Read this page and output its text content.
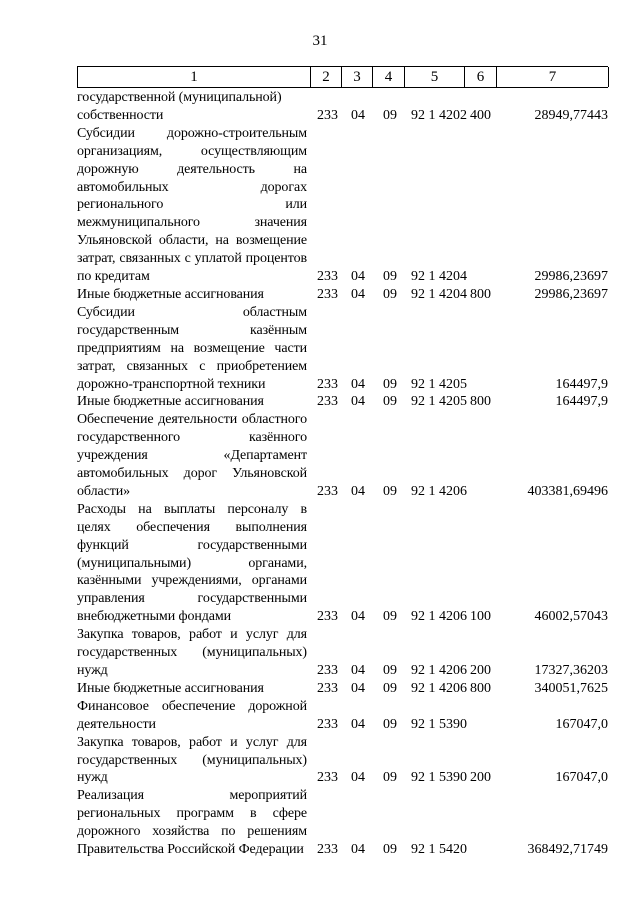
31
1	2	3	4	5	6	7
государственной (муниципальной)
собственности	233 04 09	92 1 4202 400	28949,77443
Субсидии дорожно-строительным организациям, осуществляющим дорожную деятельность на автомобильных дорогах регионального или межмуниципального значения Ульяновской области, на возмещение затрат, связанных с уплатой процентов по кредитам	233 04 09	92 1 4204	29986,23697
Иные бюджетные ассигнования	233 04 09	92 1 4204 800	29986,23697
Субсидии областным государственным казённым предприятиям на возмещение части затрат, связанных с приобретением дорожно-транспортной техники	233 04 09	92 1 4205	164497,9
Иные бюджетные ассигнования	233 04 09	92 1 4205 800	164497,9
Обеспечение деятельности областного государственного казённого учреждения «Департамент автомобильных дорог Ульяновской области»	233 04 09	92 1 4206	403381,69496
Расходы на выплаты персоналу в целях обеспечения выполнения функций государственными (муниципальными) органами, казёнными учреждениями, органами управления государственными внебюджетными фондами	233 04 09	92 1 4206 100	46002,57043
Закупка товаров, работ и услуг для государственных (муниципальных) нужд	233 04 09	92 1 4206 200	17327,36203
Иные бюджетные ассигнования	233 04 09	92 1 4206 800	340051,7625
Финансовое обеспечение дорожной деятельности	233 04 09	92 1 5390	167047,0
Закупка товаров, работ и услуг для государственных (муниципальных) нужд	233 04 09	92 1 5390 200	167047,0
Реализация мероприятий региональных программ в сфере дорожного хозяйства по решениям Правительства Российской Федерации 233 04 09	92 1 5420	368492,71749
